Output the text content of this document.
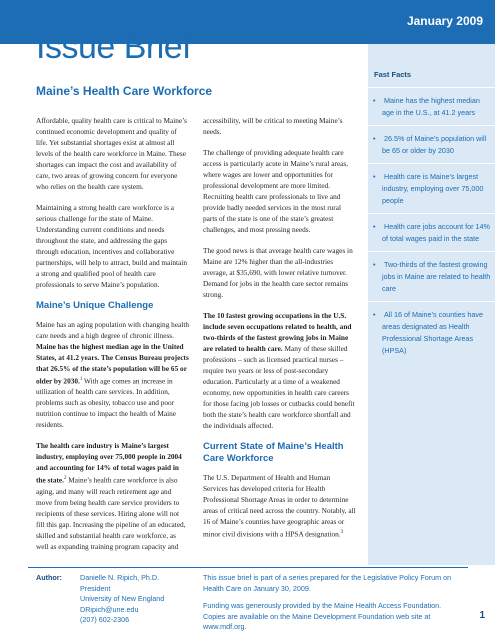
January 2009
Issue Brief
Fast Facts
• Maine has the highest median age in the U.S., at 41.2 years
• 26.5% of Maine’s population will be 65 or older by 2030
• Health care is Maine’s largest industry, employing over 75,000 people
• Health care jobs account for 14% of total wages paid in the state
• Two-thirds of the fastest growing jobs in Maine are related to health care
• All 16 of Maine’s counties have areas designated as Health Professional Shortage Areas (HPSA)
Maine’s Health Care Workforce

Affordable, quality health care is critical to Maine’s continued economic development and quality of life. Yet substantial shortages exist at almost all levels of the health care workforce in Maine. These shortages can impact the cost and availability of care, two areas of growing concern for everyone who relies on the health care system.

Maintaining a strong health care workforce is a serious challenge for the state of Maine. Understanding current conditions and needs throughout the state, and addressing the gaps through education, incentives and collaborative partnerships, will help to attract, build and maintain a strong and qualified pool of health care professionals to serve Maine’s population.

Maine’s Unique Challenge

Maine has an aging population with changing health care needs and a high degree of chronic illness. Maine has the highest median age in the United States, at 41.2 years. The Census Bureau projects that 26.5% of the state’s population will be 65 or older by 2030.$^1$ With age comes an increase in utilization of health care services. In addition, problems such as obesity, tobacco use and poor nutrition continue to impact the health of Maine residents.

The health care industry is Maine’s largest industry, employing over 75,000 people in 2004 and accounting for 14% of total wages paid in the state.$^2$ Maine’s health care workforce is also aging, and many will reach retirement age and move from being health care service providers to recipients of these services. Hiring alone will not fill this gap. Increasing the pipeline of an educated, skilled and substantial health care workforce, as well as expanding training program capacity and

accessibility, will be critical to meeting Maine’s needs.

The challenge of providing adequate health care access is particularly acute in Maine’s rural areas, where wages are lower and opportunities for professional development are more limited. Recruiting health care professionals to live and provide badly needed services in the most rural parts of the state is one of the state’s greatest challenges, and most pressing needs.

The good news is that average health care wages in Maine are 12% higher than the all-industries average, at $35,690, with lower relative turnover. Demand for jobs in the health care sector remains strong.

The 10 fastest growing occupations in the U.S. include seven occupations related to health, and two-thirds of the fastest growing jobs in Maine are related to health care. Many of these skilled professions – such as licensed practical nurses – require two years or less of post-secondary education. Particularly at a time of a weakened economy, new opportunities in health care careers for those facing job losses or cutbacks could benefit both the state’s health care workforce shortfall and the individuals affected.

Current State of Maine’s Health Care Workforce

The U.S. Department of Health and Human Services has developed criteria for Health Professional Shortage Areas in order to determine areas of critical need across the country. Notably, all 16 of Maine’s counties have geographic areas or minor civil divisions with a HPSA designation.$^3$

Author:	Danielle N. Ripich, Ph.D.
President
University of New England
DRipich@une.edu
(207) 602-2306

This issue brief is part of a series prepared for the Legislative Policy Forum on Health Care on January 30, 2009.

Funding was generously provided by the Maine Health Access Foundation. Copies are available on the Maine Development Foundation web site at www.mdf.org.

1
